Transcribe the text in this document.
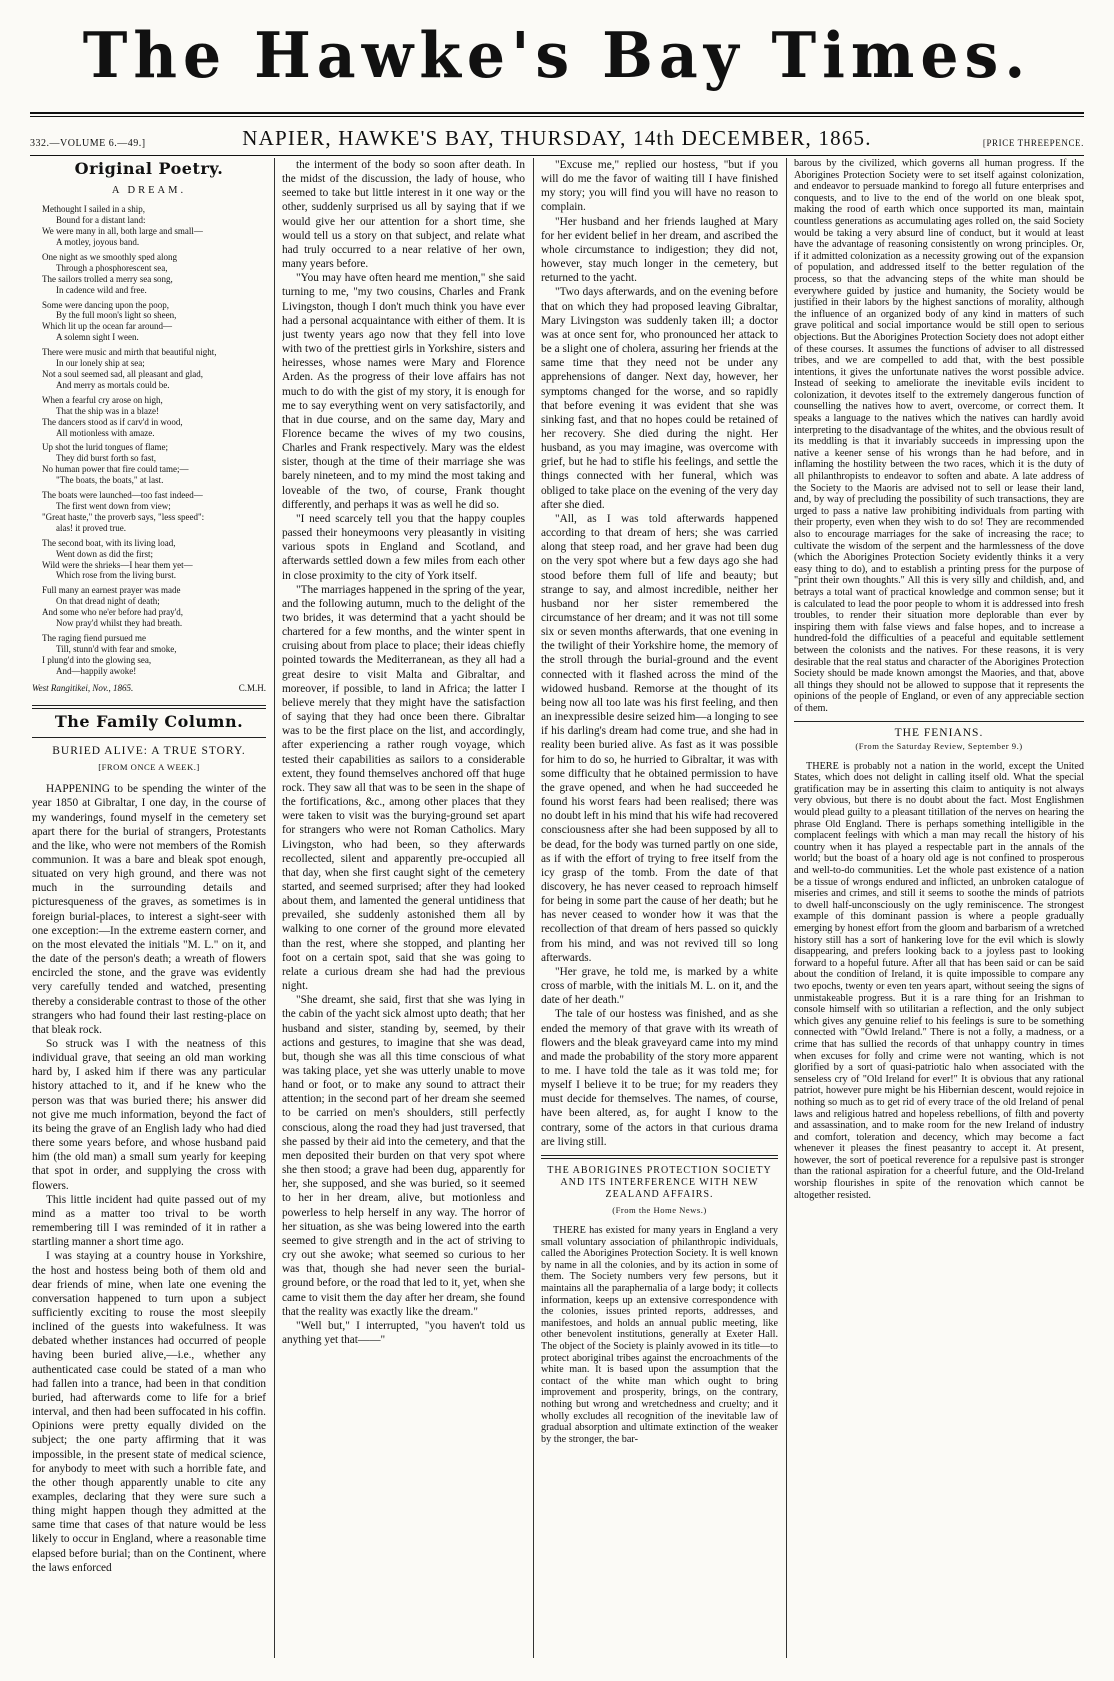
The Hawke's Bay Times.
332.—VOLUME 6.—49.]	NAPIER, HAWKE'S BAY, THURSDAY, 14th DECEMBER, 1865.	[PRICE THREEPENCE.
Original Poetry.
A DREAM.
Methought I sailed in a ship,
Bound for a distant land:
We were many in all, both large and small—
A motley, joyous band.
One night as we smoothly sped along
Through a phosphorescent sea,
The sailors trolled a merry sea song,
In cadence wild and free.
Some were dancing upon the poop,
By the full moon's light so sheen,
Which lit up the ocean far around—
A solemn sight I ween.
There were music and mirth that beautiful night,
In our lonely ship at sea;
Not a soul seemed sad, all pleasant and glad,
And merry as mortals could be.
When a fearful cry arose on high,
That the ship was in a blaze!
The dancers stood as if carv'd in wood,
All motionless with amaze.
Up shot the lurid tongues of flame;
They did burst forth so fast,
No human power that fire could tame;—
"The boats, the boats," at last.
The boats were launched—too fast indeed—
The first went down from view;
"Great haste," the proverb says, "less speed":
alas! it proved true.
The second boat, with its living load,
Went down as did the first;
Wild were the shrieks—I hear them yet—
Which rose from the living burst.
Full many an earnest prayer was made
On that dread night of death;
And some who ne'er before had pray'd,
Now pray'd whilst they had breath.
The raging fiend pursued me
Till, stunn'd with fear and smoke,
I plung'd into the glowing sea,
And—happily awoke!
C.M.H.
West Rangitikei, Nov., 1865.
The Family Column.
BURIED ALIVE: A TRUE STORY.
[FROM ONCE A WEEK.]

HAPPENING to be spending the winter of the year 1850 at Gibraltar, I one day, in the course of my wanderings, found myself in the cemetery set apart there for the burial of strangers, Protestants and the like, who were not members of the Romish communion. It was a bare and bleak spot enough, situated on very high ground, and there was not much in the surrounding details and picturesqueness of the graves, as sometimes is in foreign burial-places, to interest a sight-seer with one exception:—In the extreme eastern corner, and on the most elevated the initials "M. L." on it, and the date of the person's death; a wreath of flowers encircled the stone, and the grave was evidently very carefully tended and watched, presenting thereby a considerable contrast to those of the other strangers who had found their last resting-place on that bleak rock.

So struck was I with the neatness of this individual grave, that seeing an old man working hard by, I asked him if there was any particular history attached to it, and if he knew who the person was that was buried there; his answer did not give me much information, beyond the fact of its being the grave of an English lady who had died there some years before, and whose husband paid him (the old man) a small sum yearly for keeping that spot in order, and supplying the cross with flowers.

This little incident had quite passed out of my mind as a matter too trival to be worth remembering till I was reminded of it in rather a startling manner a short time ago.

I was staying at a country house in Yorkshire, the host and hostess being both of them old and dear friends of mine, when late one evening the conversation happened to turn upon a subject sufficiently exciting to rouse the most sleepily inclined of the guests into wakefulness. It was debated whether instances had occurred of people having been buried alive,—i.e., whether any authenticated case could be stated of a man who had fallen into a trance, had been in that condition buried, had afterwards come to life for a brief interval, and then had been suffocated in his coffin. Opinions were pretty equally divided on the subject; the one party affirming that it was impossible, in the present state of medical science, for anybody to meet with such a horrible fate, and the other though apparently unable to cite any examples, declaring that they were sure such a thing might happen though they admitted at the same time that cases of that nature would be less likely to occur in England, where a reasonable time elapsed before burial; than on the Continent, where the laws enforced

the interment of the body so soon after death. In the midst of the discussion, the lady of house, who seemed to take but little interest in it one way or the other, suddenly surprised us all by saying that if we would give her our attention for a short time, she would tell us a story on that subject, and relate what had truly occurred to a near relative of her own, many years before.

"You may have often heard me mention," she said turning to me, "my two cousins, Charles and Frank Livingston, though I don't much think you have ever had a personal acquaintance with either of them. It is just twenty years ago now that they fell into love with two of the prettiest girls in Yorkshire, sisters and heiresses, whose names were Mary and Florence Arden. As the progress of their love affairs has not much to do with the gist of my story, it is enough for me to say everything went on very satisfactorily, and that in due course, and on the same day, Mary and Florence became the wives of my two cousins, Charles and Frank respectively. Mary was the eldest sister, though at the time of their marriage she was barely nineteen, and to my mind the most taking and loveable of the two, of course, Frank thought differently, and perhaps it was as well he did so.

"I need scarcely tell you that the happy couples passed their honeymoons very pleasantly in visiting various spots in England and Scotland, and afterwards settled down a few miles from each other in close proximity to the city of York itself.

"The marriages happened in the spring of the year, and the following autumn, much to the delight of the two brides, it was determind that a yacht should be chartered for a few months, and the winter spent in cruising about from place to place; their ideas chiefly pointed towards the Mediterranean, as they all had a great desire to visit Malta and Gibraltar, and moreover, if possible, to land in Africa; the latter I believe merely that they might have the satisfaction of saying that they had once been there. Gibraltar was to be the first place on the list, and accordingly, after experiencing a rather rough voyage, which tested their capabilities as sailors to a considerable extent, they found themselves anchored off that huge rock. They saw all that was to be seen in the shape of the fortifications, &c., among other places that they were taken to visit was the burying-ground set apart for strangers who were not Roman Catholics. Mary Livingston, who had been, so they afterwards recollected, silent and apparently pre-occupied all that day, when she first caught sight of the cemetery started, and seemed surprised; after they had looked about them, and lamented the general untidiness that prevailed, she suddenly astonished them all by walking to one corner of the ground more elevated than the rest, where she stopped, and planting her foot on a certain spot, said that she was going to relate a curious dream she had had the previous night.

"She dreamt, she said, first that she was lying in the cabin of the yacht sick almost upto death; that her husband and sister, standing by, seemed, by their actions and gestures, to imagine that she was dead, but, though she was all this time conscious of what was taking place, yet she was utterly unable to move hand or foot, or to make any sound to attract their attention; in the second part of her dream she seemed to be carried on men's shoulders, still perfectly conscious, along the road they had just traversed, that she passed by their aid into the cemetery, and that the men deposited their burden on that very spot where she then stood; a grave had been dug, apparently for her, she supposed, and she was buried, so it seemed to her in her dream, alive, but motionless and powerless to help herself in any way. The horror of her situation, as she was being lowered into the earth seemed to give strength and in the act of striving to cry out she awoke; what seemed so curious to her was that, though she had never seen the burial-ground before, or the road that led to it, yet, when she came to visit them the day after her dream, she found that the reality was exactly like the dream."

"Well but," I interrupted, "you haven't told us anything yet that——"

"Excuse me," replied our hostess, "but if you will do me the favor of waiting till I have finished my story; you will find you will have no reason to complain.

"Her husband and her friends laughed at Mary for her evident belief in her dream, and ascribed the whole circumstance to indigestion; they did not, however, stay much longer in the cemetery, but returned to the yacht.

"Two days afterwards, and on the evening before that on which they had proposed leaving Gibraltar, Mary Livingston was suddenly taken ill; a doctor was at once sent for, who pronounced her attack to be a slight one of cholera, assuring her friends at the same time that they need not be under any apprehensions of danger. Next day, however, her symptoms changed for the worse, and so rapidly that before evening it was evident that she was sinking fast, and that no hopes could be retained of her recovery. She died during the night. Her husband, as you may imagine, was overcome with grief, but he had to stifle his feelings, and settle the things connected with her funeral, which was obliged to take place on the evening of the very day after she died.

"All, as I was told afterwards happened according to that dream of hers; she was carried along that steep road, and her grave had been dug on the very spot where but a few days ago she had stood before them full of life and beauty; but strange to say, and almost incredible, neither her husband nor her sister remembered the circumstance of her dream; and it was not till some six or seven months afterwards, that one evening in the twilight of their Yorkshire home, the memory of the stroll through the burial-ground and the event connected with it flashed across the mind of the widowed husband. Remorse at the thought of its being now all too late was his first feeling, and then an inexpressible desire seized him—a longing to see if his darling's dream had come true, and she had in reality been buried alive. As fast as it was possible for him to do so, he hurried to Gibraltar, it was with some difficulty that he obtained permission to have the grave opened, and when he had succeeded he found his worst fears had been realised; there was no doubt left in his mind that his wife had recovered consciousness after she had been supposed by all to be dead, for the body was turned partly on one side, as if with the effort of trying to free itself from the icy grasp of the tomb. From the date of that discovery, he has never ceased to reproach himself for being in some part the cause of her death; but he has never ceased to wonder how it was that the recollection of that dream of hers passed so quickly from his mind, and was not revived till so long afterwards.

"Her grave, he told me, is marked by a white cross of marble, with the initials M. L. on it, and the date of her death."

The tale of our hostess was finished, and as she ended the memory of that grave with its wreath of flowers and the bleak graveyard came into my mind and made the probability of the story more apparent to me. I have told the tale as it was told me; for myself I believe it to be true; for my readers they must decide for themselves. The names, of course, have been altered, as, for aught I know to the contrary, some of the actors in that curious drama are living still.

THE ABORIGINES PROTECTION SOCIETY AND ITS INTERFERENCE WITH NEW ZEALAND AFFAIRS.
(From the Home News.)

THERE has existed for many years in England a very small voluntary association of philanthropic individuals, called the Aborigines Protection Society. It is well known by name in all the colonies, and by its action in some of them. The Society numbers very few persons, but it maintains all the paraphernalia of a large body; it collects information, keeps up an extensive correspondence with the colonies, issues printed reports, addresses, and manifestoes, and holds an annual public meeting, like other benevolent institutions, generally at Exeter Hall. The object of the Society is plainly avowed in its title—to protect aboriginal tribes against the encroachments of the white man. It is based upon the assumption that the contact of the white man which ought to bring improvement and prosperity, brings, on the contrary, nothing but wrong and wretchedness and cruelty; and it wholly excludes all recognition of the inevitable law of gradual absorption and ultimate extinction of the weaker by the stronger, the bar-

barous by the civilized, which governs all human progress. If the Aborigines Protection Society were to set itself against colonization, and endeavor to persuade mankind to forego all future enterprises and conquests, and to live to the end of the world on one bleak spot, making the rood of earth which once supported its man, maintain countless generations as accumulating ages rolled on, the said Society would be taking a very absurd line of conduct, but it would at least have the advantage of reasoning consistently on wrong principles. Or, if it admitted colonization as a necessity growing out of the expansion of population, and addressed itself to the better regulation of the process, so that the advancing steps of the white man should be everywhere guided by justice and humanity, the Society would be justified in their labors by the highest sanctions of morality, although the influence of an organized body of any kind in matters of such grave political and social importance would be still open to serious objections. But the Aborigines Protection Society does not adopt either of these courses. It assumes the functions of adviser to all distressed tribes, and we are compelled to add that, with the best possible intentions, it gives the unfortunate natives the worst possible advice. Instead of seeking to ameliorate the inevitable evils incident to colonization, it devotes itself to the extremely dangerous function of counselling the natives how to avert, overcome, or correct them. It speaks a language to the natives which the natives can hardly avoid interpreting to the disadvantage of the whites, and the obvious result of its meddling is that it invariably succeeds in impressing upon the native a keener sense of his wrongs than he had before, and in inflaming the hostility between the two races, which it is the duty of all philanthropists to endeavor to soften and abate. A late address of the Society to the Maoris are advised not to sell or lease their land, and, by way of precluding the possibility of such transactions, they are urged to pass a native law prohibiting individuals from parting with their property, even when they wish to do so! They are recommended also to encourage marriages for the sake of increasing the race; to cultivate the wisdom of the serpent and the harmlessness of the dove (which the Aborigines Protection Society evidently thinks it a very easy thing to do), and to establish a printing press for the purpose of "print their own thoughts." All this is very silly and childish, and, and betrays a total want of practical knowledge and common sense; but it is calculated to lead the poor people to whom it is addressed into fresh troubles, to render their situation more deplorable than ever by inspiring them with false views and false hopes, and to increase a hundred-fold the difficulties of a peaceful and equitable settlement between the colonists and the natives. For these reasons, it is very desirable that the real status and character of the Aborigines Protection Society should be made known amongst the Maories, and that, above all things they should not be allowed to suppose that it represents the opinions of the people of England, or even of any appreciable section of them.

THE FENIANS.
(From the Saturday Review, September 9.)

THERE is probably not a nation in the world, except the United States, which does not delight in calling itself old. What the special gratification may be in asserting this claim to antiquity is not always very obvious, but there is no doubt about the fact. Most Englishmen would plead guilty to a pleasant titillation of the nerves on hearing the phrase Old England. There is perhaps something intelligible in the complacent feelings with which a man may recall the history of his country when it has played a respectable part in the annals of the world; but the boast of a hoary old age is not confined to prosperous and well-to-do communities. Let the whole past existence of a nation be a tissue of wrongs endured and inflicted, an unbroken catalogue of miseries and crimes, and still it seems to soothe the minds of patriots to dwell half-unconsciously on the ugly reminiscence. The strongest example of this dominant passion is where a people gradually emerging by honest effort from the gloom and barbarism of a wretched history still has a sort of hankering love for the evil which is slowly disappearing, and prefers looking back to a joyless past to looking forward to a hopeful future. After all that has been said or can be said about the condition of Ireland, it is quite impossible to compare any two epochs, twenty or even ten years apart, without seeing the signs of unmistakeable progress. But it is a rare thing for an Irishman to console himself with so utilitarian a reflection, and the only subject which gives any genuine relief to his feelings is sure to be something connected with "Owld Ireland." There is not a folly, a madness, or a crime that has sullied the records of that unhappy country in times when excuses for folly and crime were not wanting, which is not glorified by a sort of quasi-patriotic halo when associated with the senseless cry of "Old Ireland for ever!" It is obvious that any rational patriot, however pure might be his Hibernian descent, would rejoice in nothing so much as to get rid of every trace of the old Ireland of penal laws and religious hatred and hopeless rebellions, of filth and poverty and assassination, and to make room for the new Ireland of industry and comfort, toleration and decency, which may become a fact whenever it pleases the finest peasantry to accept it. At present, however, the sort of poetical reverence for a repulsive past is stronger than the rational aspiration for a cheerful future, and the Old-Ireland worship flourishes in spite of the renovation which cannot be altogether resisted.
